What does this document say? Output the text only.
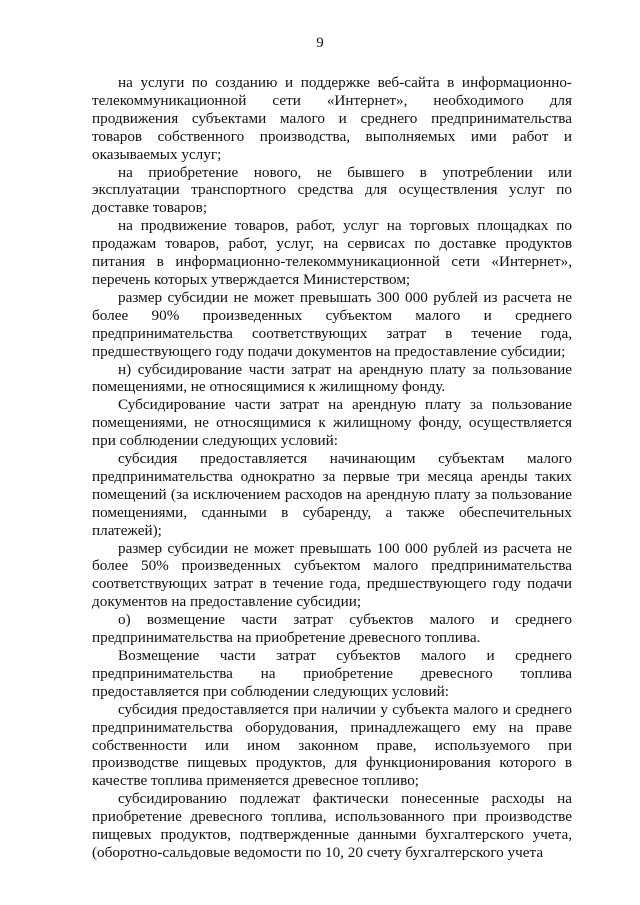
9

на услуги по созданию и поддержке веб-сайта в информационно-телекоммуникационной сети «Интернет», необходимого для продвижения субъектами малого и среднего предпринимательства товаров собственного производства, выполняемых ими работ и оказываемых услуг;

на приобретение нового, не бывшего в употреблении или эксплуатации транспортного средства для осуществления услуг по доставке товаров;

на продвижение товаров, работ, услуг на торговых площадках по продажам товаров, работ, услуг, на сервисах по доставке продуктов питания в информационно-телекоммуникационной сети «Интернет», перечень которых утверждается Министерством;

размер субсидии не может превышать 300 000 рублей из расчета не более 90% произведенных субъектом малого и среднего предпринимательства соответствующих затрат в течение года, предшествующего году подачи документов на предоставление субсидии;

н) субсидирование части затрат на арендную плату за пользование помещениями, не относящимися к жилищному фонду.

Субсидирование части затрат на арендную плату за пользование помещениями, не относящимися к жилищному фонду, осуществляется при соблюдении следующих условий:

субсидия предоставляется начинающим субъектам малого предпринимательства однократно за первые три месяца аренды таких помещений (за исключением расходов на арендную плату за пользование помещениями, сданными в субаренду, а также обеспечительных платежей);

размер субсидии не может превышать 100 000 рублей из расчета не более 50% произведенных субъектом малого предпринимательства соответствующих затрат в течение года, предшествующего году подачи документов на предоставление субсидии;

о) возмещение части затрат субъектов малого и среднего предпринимательства на приобретение древесного топлива.

Возмещение части затрат субъектов малого и среднего предпринимательства на приобретение древесного топлива предоставляется при соблюдении следующих условий:

субсидия предоставляется при наличии у субъекта малого и среднего предпринимательства оборудования, принадлежащего ему на праве собственности или ином законном праве, используемого при производстве пищевых продуктов, для функционирования которого в качестве топлива применяется древесное топливо;

субсидированию подлежат фактически понесенные расходы на приобретение древесного топлива, использованного при производстве пищевых продуктов, подтвержденные данными бухгалтерского учета, (оборотно-сальдовые ведомости по 10, 20 счету бухгалтерского учета
